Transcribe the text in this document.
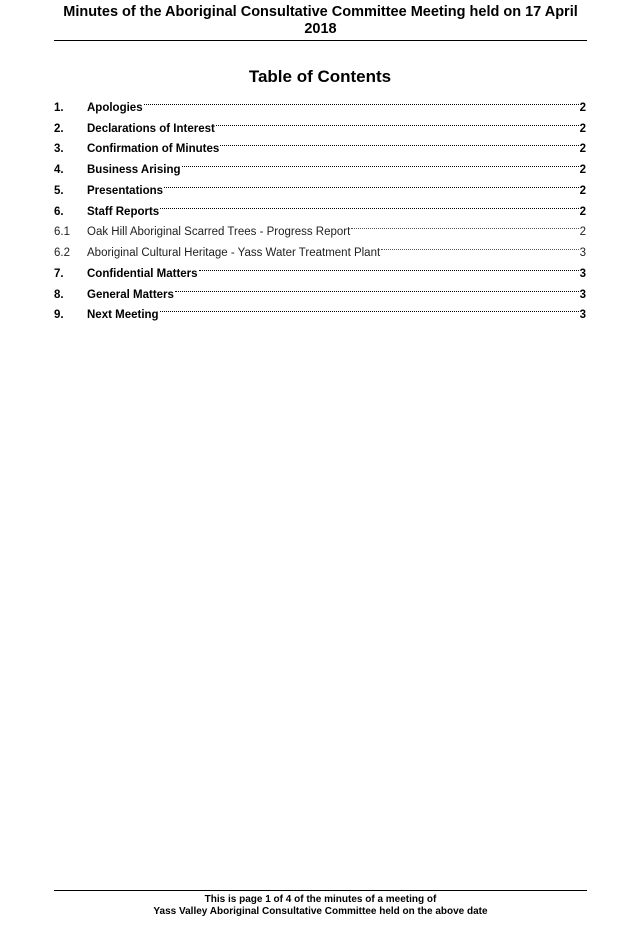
Minutes of the Aboriginal Consultative Committee Meeting held on 17 April 2018
Table of Contents
1.	Apologies	2
2.	Declarations of Interest	2
3.	Confirmation of Minutes	2
4.	Business Arising	2
5.	Presentations	2
6.	Staff Reports	2
6.1	Oak Hill Aboriginal Scarred Trees - Progress Report	2
6.2	Aboriginal Cultural Heritage - Yass Water Treatment Plant	3
7.	Confidential Matters	3
8.	General Matters	3
9.	Next Meeting	3
This is page 1 of 4 of the minutes of a meeting of
Yass Valley Aboriginal Consultative Committee held on the above date
